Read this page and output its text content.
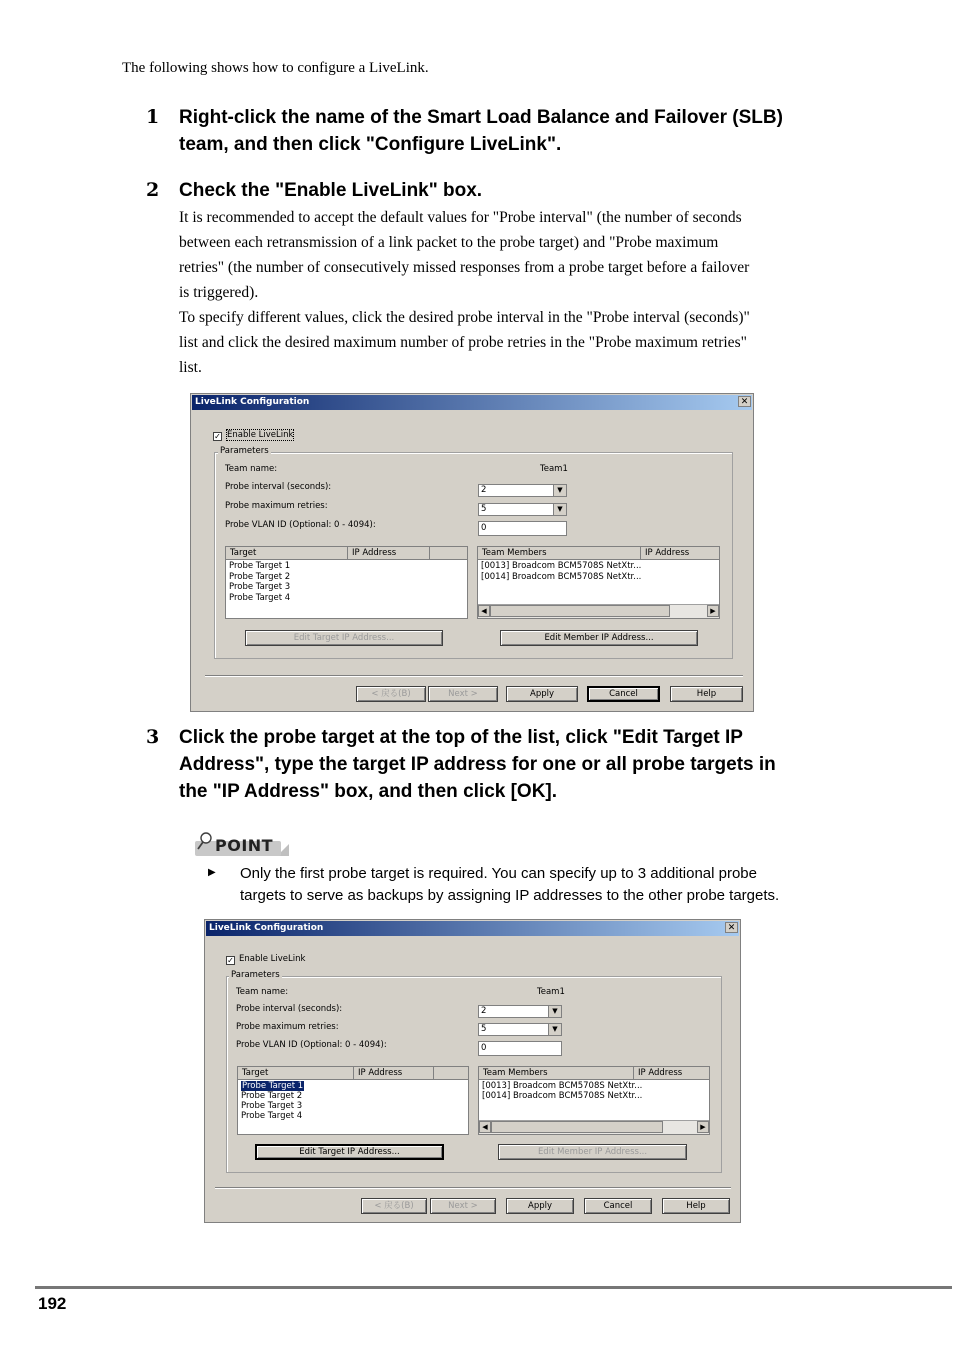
The following shows how to configure a LiveLink.
1 Right-click the name of the Smart Load Balance and Failover (SLB)
team, and then click "Configure LiveLink".
2 Check the "Enable LiveLink" box.
It is recommended to accept the default values for "Probe interval" (the number of seconds
between each retransmission of a link packet to the probe target) and "Probe maximum
retries" (the number of consecutively missed responses from a probe target before a failover
is triggered).
To specify different values, click the desired probe interval in the "Probe interval (seconds)"
list and click the desired maximum number of probe retries in the "Probe maximum retries"
list.
LiveLink Configuration	✕
✓ Enable LiveLink
Parameters
Team name:	Team1
Probe interval (seconds):	2	▼
Probe maximum retries:	5	▼
Probe VLAN ID (Optional: 0 - 4094):	0
Target	IP Address
Probe Target 1
Probe Target 2
Probe Target 3
Probe Target 4
Team Members	IP Address
[0013] Broadcom BCM5708S NetXtr...
[0014] Broadcom BCM5708S NetXtr...
◀	▶
Edit Target IP Address...	Edit Member IP Address...
< 戻る(B)	Next >	Apply	Cancel	Help
3 Click the probe target at the top of the list, click "Edit Target IP
Address", type the target IP address for one or all probe targets in
the "IP Address" box, and then click [OK].
POINT
▶ Only the first probe target is required. You can specify up to 3 additional probe
targets to serve as backups by assigning IP addresses to the other probe targets.
LiveLink Configuration	✕
✓ Enable LiveLink
Parameters
Team name:	Team1
Probe interval (seconds):	2	▼
Probe maximum retries:	5	▼
Probe VLAN ID (Optional: 0 - 4094):	0
Target	IP Address
Probe Target 1
Probe Target 2
Probe Target 3
Probe Target 4
Team Members	IP Address
[0013] Broadcom BCM5708S NetXtr...
[0014] Broadcom BCM5708S NetXtr...
◀	▶
Edit Target IP Address...	Edit Member IP Address...
< 戻る(B)	Next >	Apply	Cancel	Help
192
